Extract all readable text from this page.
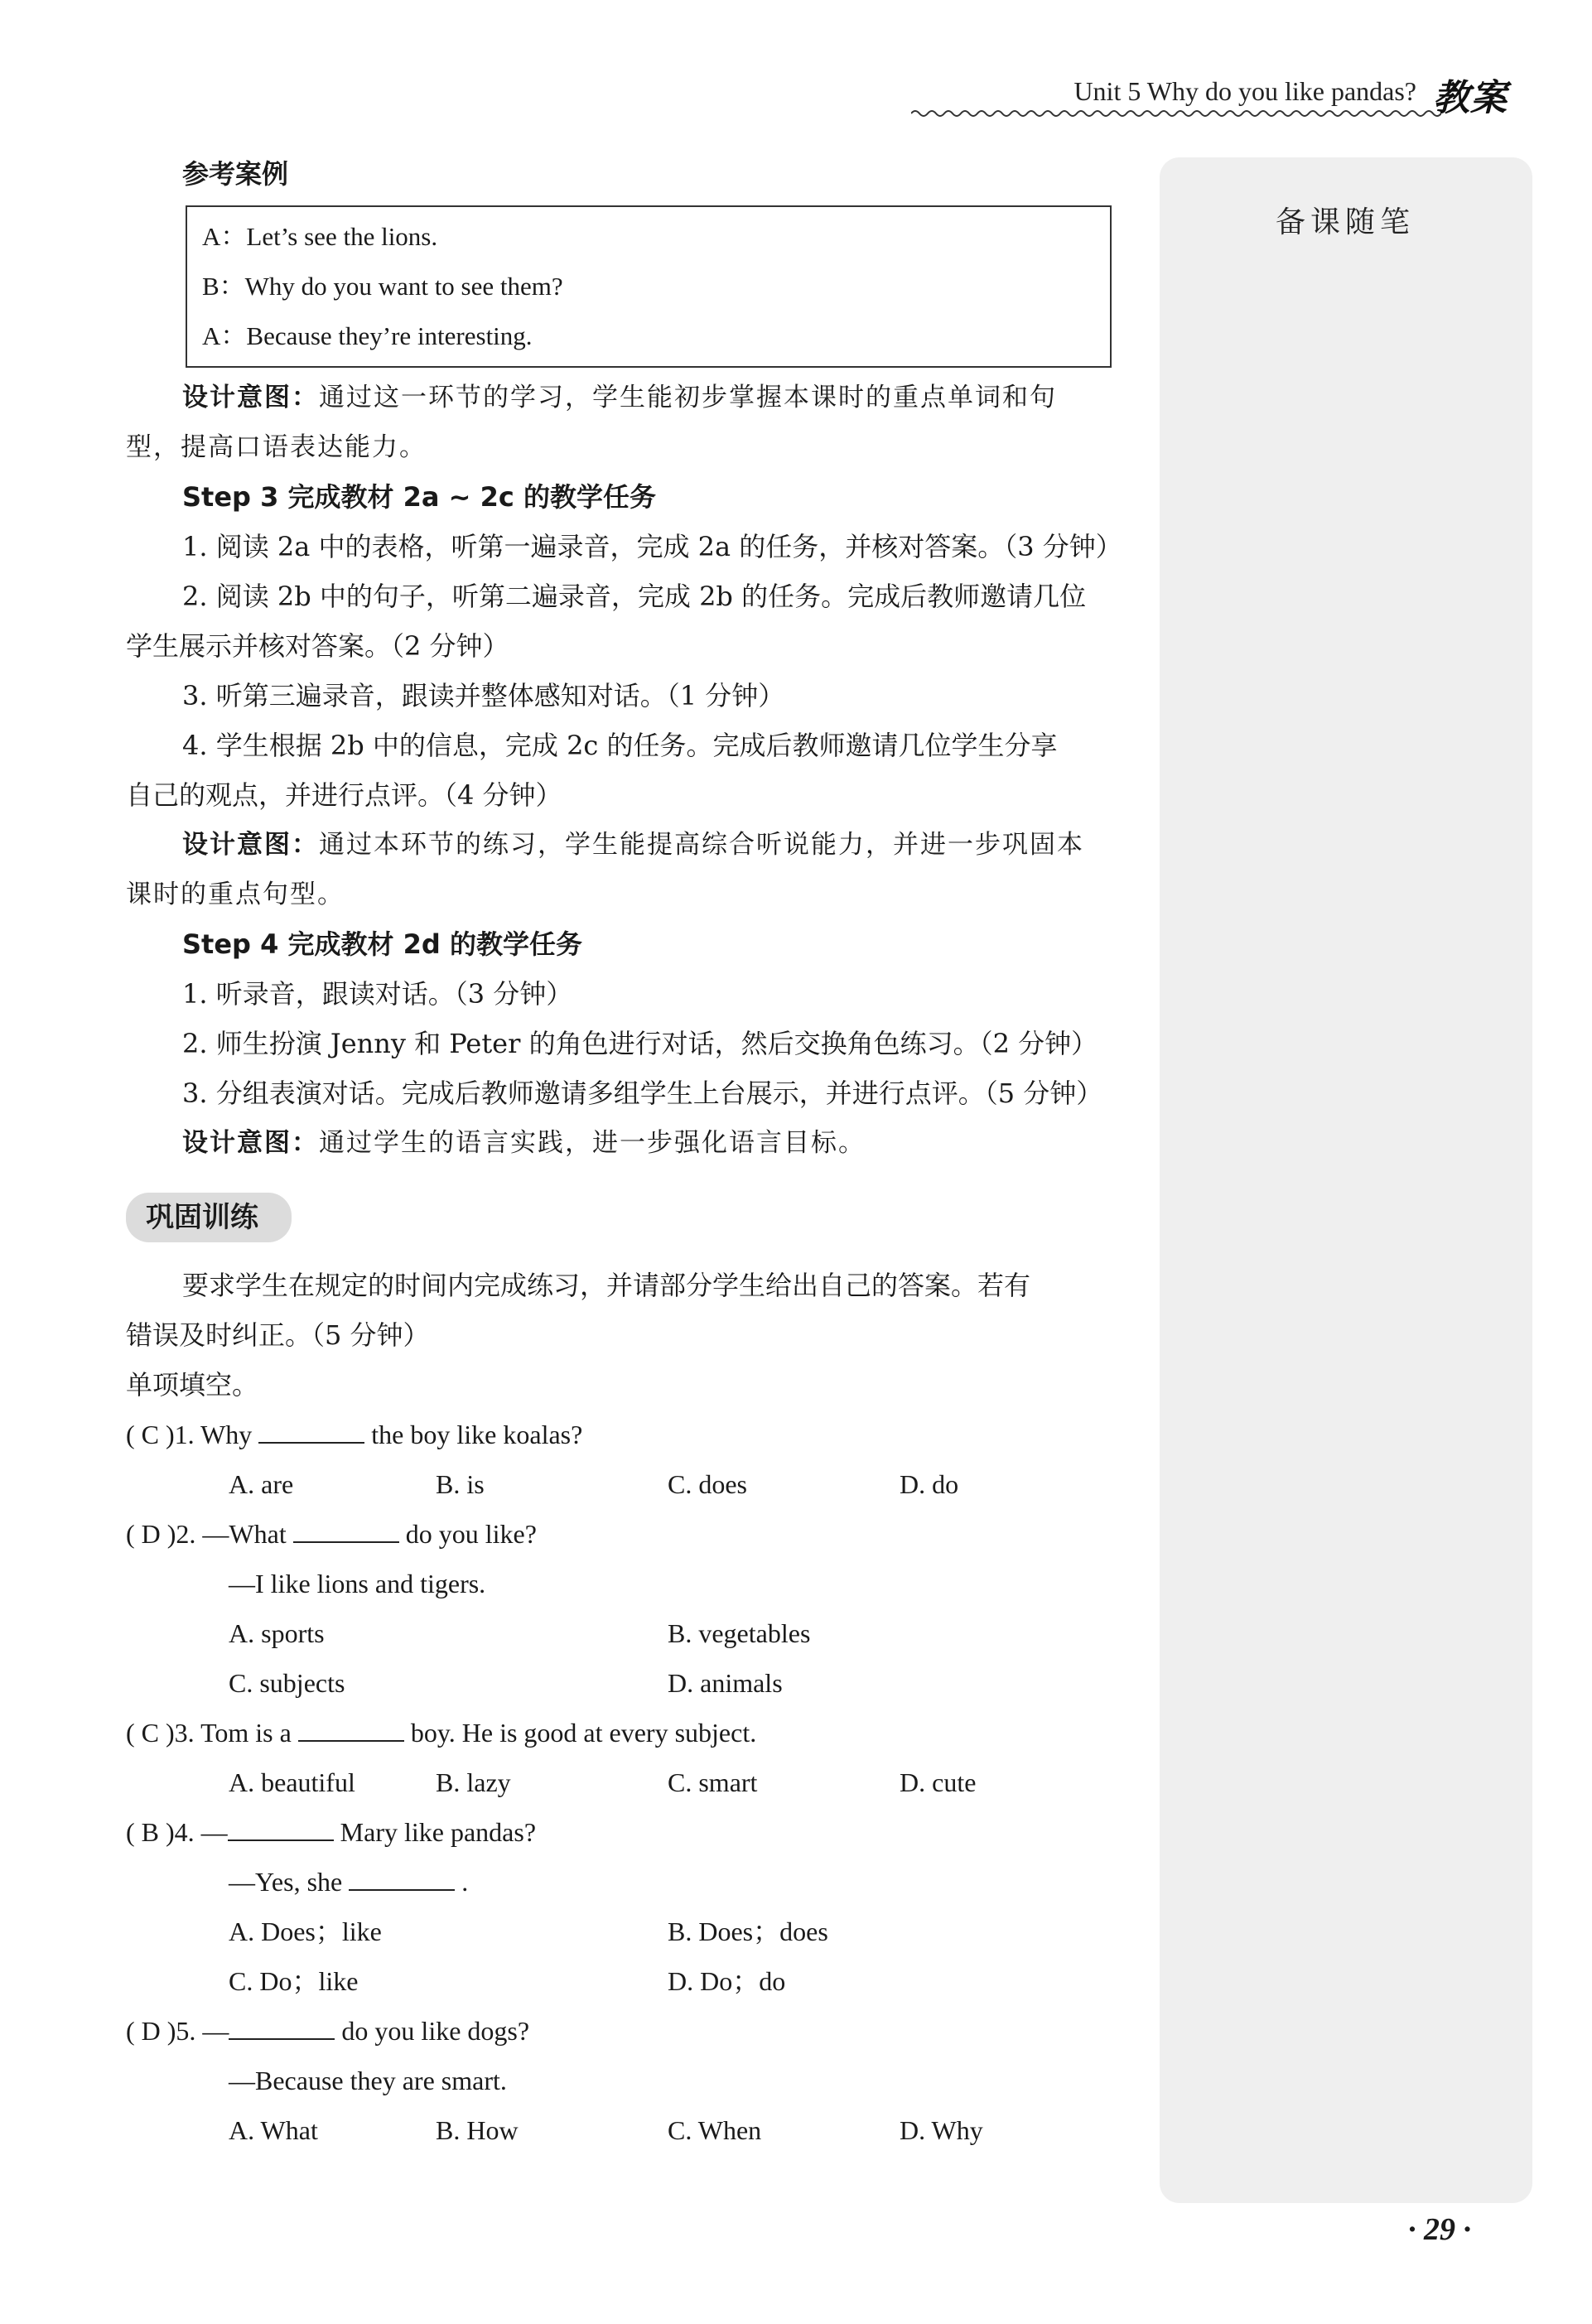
Unit 5 Why do you like pandas? 教案
备课随笔
参考案例
A：Let’s see the lions.
B：Why do you want to see them?
A：Because they’re interesting.
设计意图：通过这一环节的学习，学生能初步掌握本课时的重点单词和句
型，提高口语表达能力。
Step 3 完成教材 2a ~ 2c 的教学任务
1. 阅读 2a 中的表格，听第一遍录音，完成 2a 的任务，并核对答案。（3 分钟）
2. 阅读 2b 中的句子，听第二遍录音，完成 2b 的任务。完成后教师邀请几位
学生展示并核对答案。（2 分钟）
3. 听第三遍录音，跟读并整体感知对话。（1 分钟）
4. 学生根据 2b 中的信息，完成 2c 的任务。完成后教师邀请几位学生分享
自己的观点，并进行点评。（4 分钟）
设计意图：通过本环节的练习，学生能提高综合听说能力，并进一步巩固本
课时的重点句型。
Step 4 完成教材 2d 的教学任务
1. 听录音，跟读对话。（3 分钟）
2. 师生扮演 Jenny 和 Peter 的角色进行对话，然后交换角色练习。（2 分钟）
3. 分组表演对话。完成后教师邀请多组学生上台展示，并进行点评。（5 分钟）
设计意图：通过学生的语言实践，进一步强化语言目标。
巩固训练
要求学生在规定的时间内完成练习，并请部分学生给出自己的答案。若有
错误及时纠正。（5 分钟）
单项填空。
( C )1. Why	the boy like koalas?
A. are	B. is	C. does	D. do
( D )2. —What	do you like?
—I like lions and tigers.
A. sports	B. vegetables
C. subjects	D. animals
( C )3. Tom is a	boy. He is good at every subject.
A. beautiful	B. lazy	C. smart	D. cute
( B )4. —	Mary like pandas?
—Yes, she	.
A. Does；like	B. Does；does
C. Do；like	D. Do；do
( D )5. —	do you like dogs?
—Because they are smart.
A. What	B. How	C. When	D. Why
· 29 ·
